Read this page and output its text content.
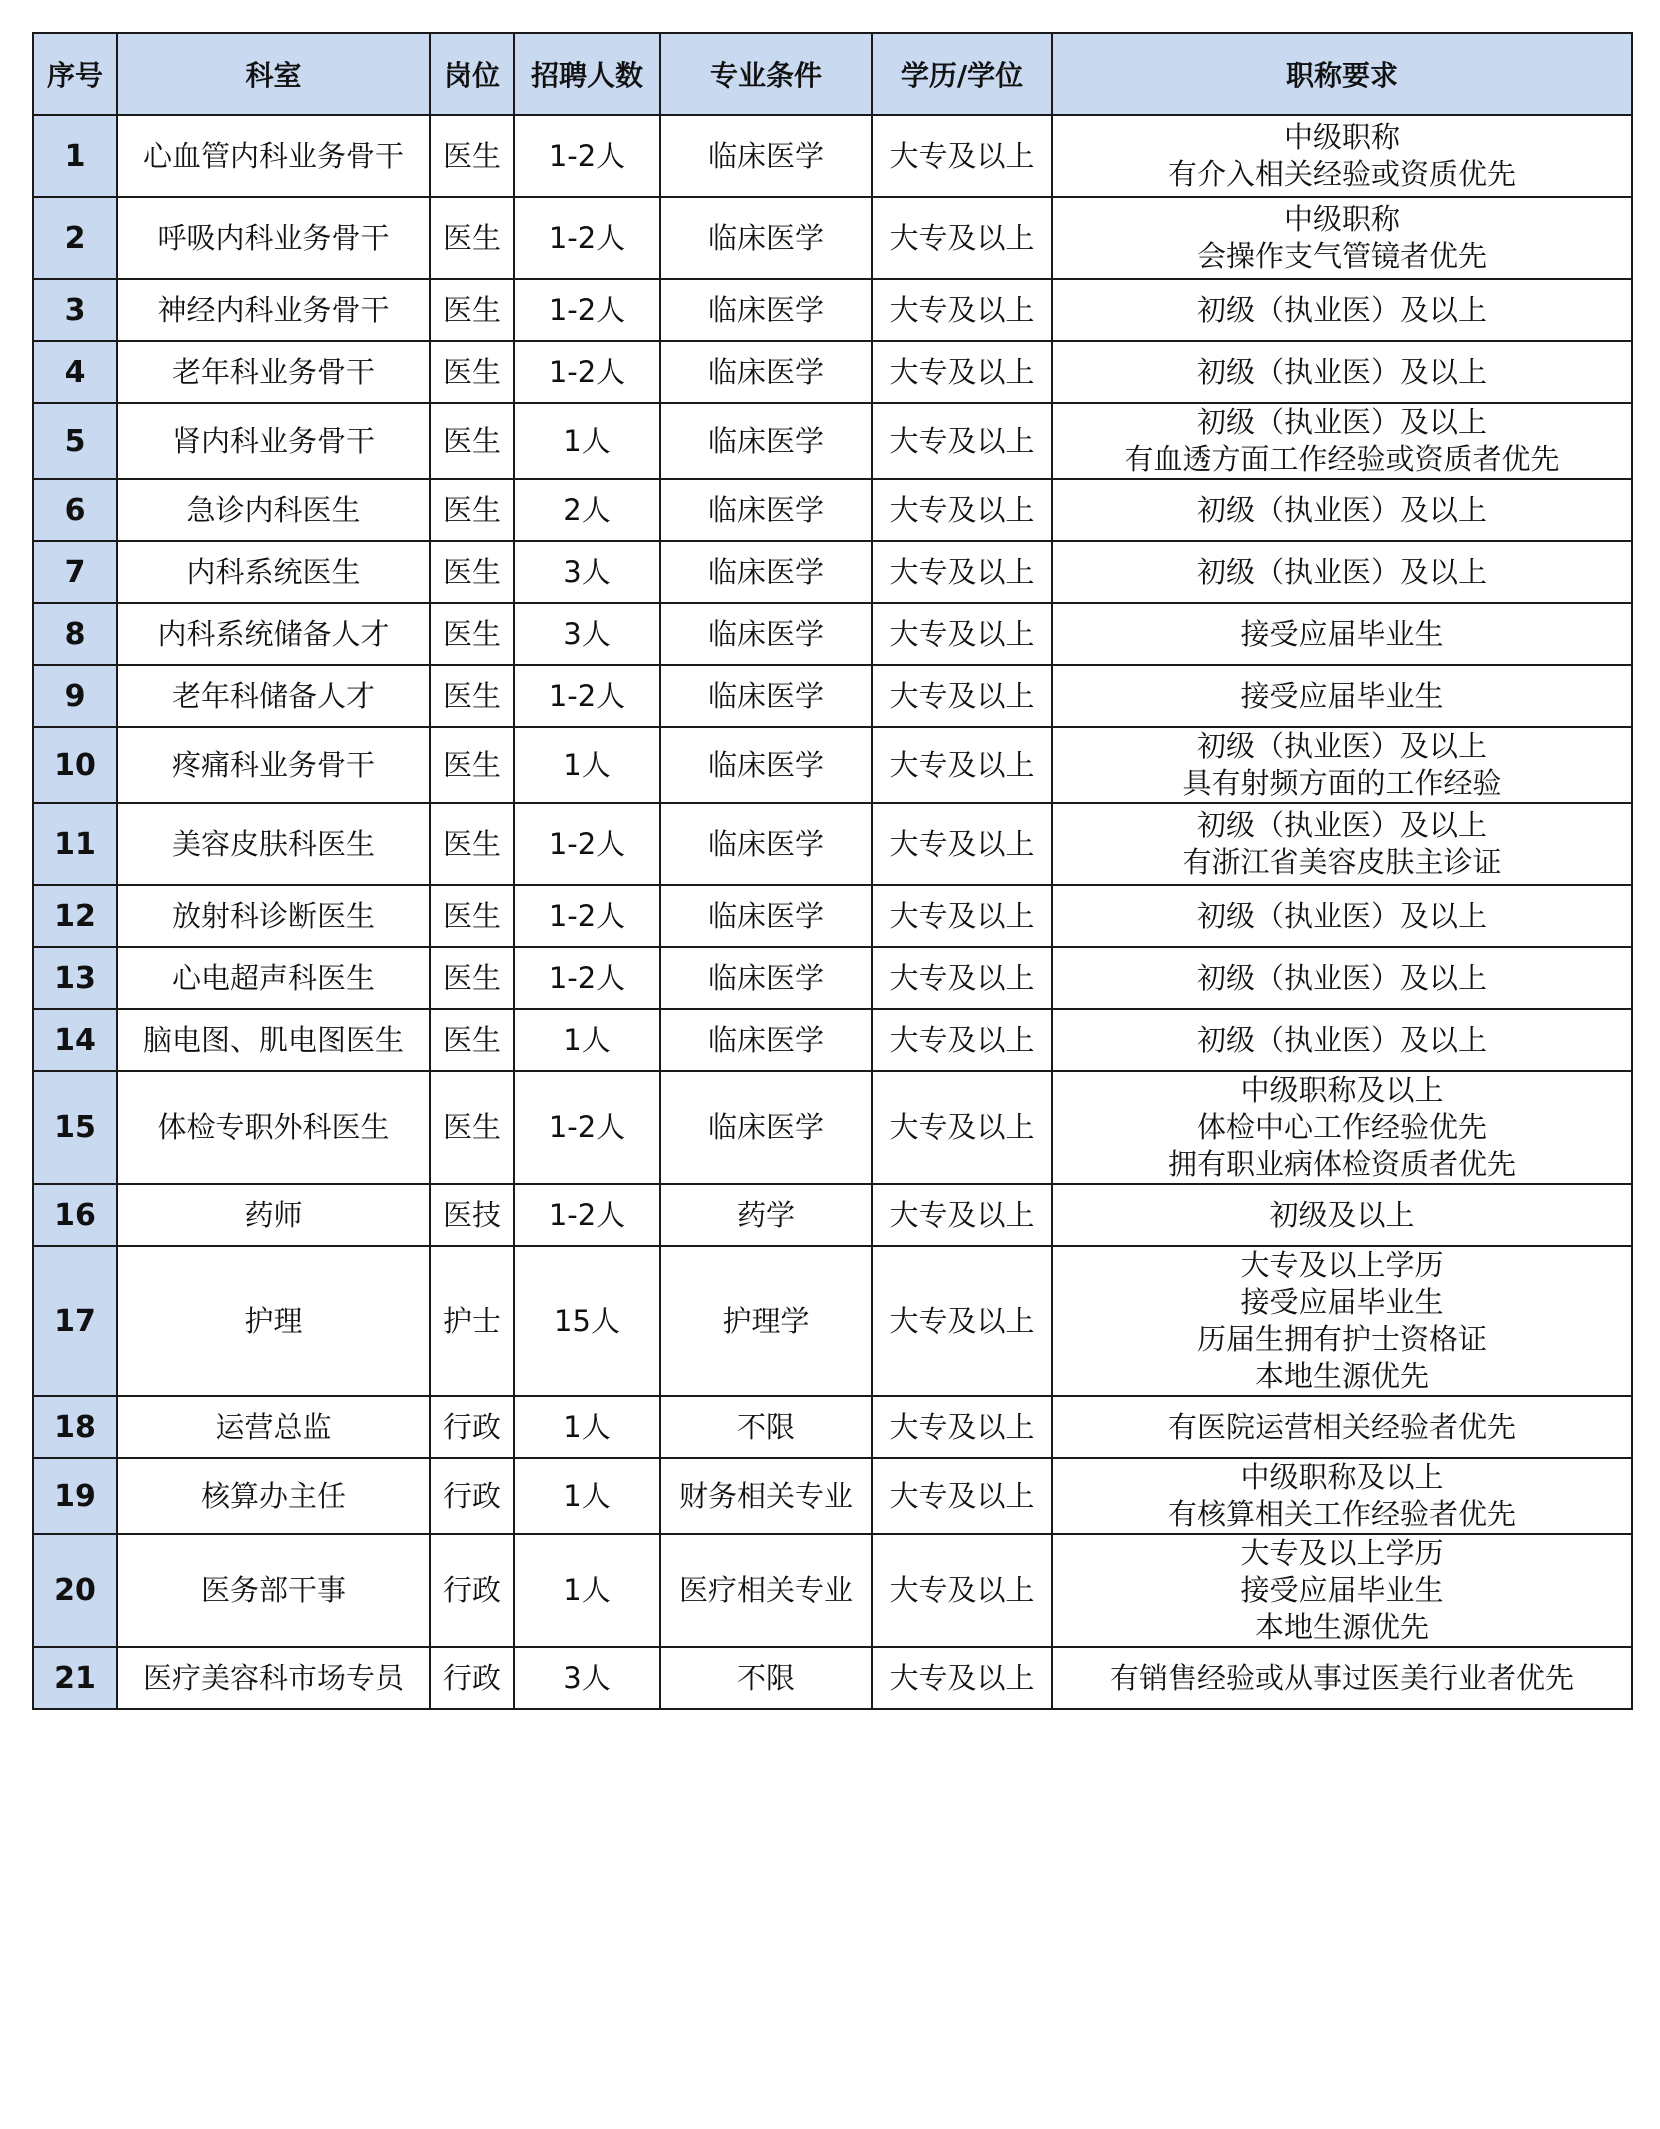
序号	科室	岗位	招聘人数	专业条件	学历/学位	职称要求
1	心血管内科业务骨干	医生	1-2人	临床医学	大专及以上	中级职称
有介入相关经验或资质优先
2	呼吸内科业务骨干	医生	1-2人	临床医学	大专及以上	中级职称
会操作支气管镜者优先
3	神经内科业务骨干	医生	1-2人	临床医学	大专及以上	初级（执业医）及以上
4	老年科业务骨干	医生	1-2人	临床医学	大专及以上	初级（执业医）及以上
5	肾内科业务骨干	医生	1人	临床医学	大专及以上	初级（执业医）及以上
有血透方面工作经验或资质者优先
6	急诊内科医生	医生	2人	临床医学	大专及以上	初级（执业医）及以上
7	内科系统医生	医生	3人	临床医学	大专及以上	初级（执业医）及以上
8	内科系统储备人才	医生	3人	临床医学	大专及以上	接受应届毕业生
9	老年科储备人才	医生	1-2人	临床医学	大专及以上	接受应届毕业生
10	疼痛科业务骨干	医生	1人	临床医学	大专及以上	初级（执业医）及以上
具有射频方面的工作经验
11	美容皮肤科医生	医生	1-2人	临床医学	大专及以上	初级（执业医）及以上
有浙江省美容皮肤主诊证
12	放射科诊断医生	医生	1-2人	临床医学	大专及以上	初级（执业医）及以上
13	心电超声科医生	医生	1-2人	临床医学	大专及以上	初级（执业医）及以上
14	脑电图、肌电图医生	医生	1人	临床医学	大专及以上	初级（执业医）及以上
15	体检专职外科医生	医生	1-2人	临床医学	大专及以上	中级职称及以上
体检中心工作经验优先
拥有职业病体检资质者优先
16	药师	医技	1-2人	药学	大专及以上	初级及以上
17	护理	护士	15人	护理学	大专及以上	大专及以上学历
接受应届毕业生
历届生拥有护士资格证
本地生源优先
18	运营总监	行政	1人	不限	大专及以上	有医院运营相关经验者优先
19	核算办主任	行政	1人	财务相关专业	大专及以上	中级职称及以上
有核算相关工作经验者优先
20	医务部干事	行政	1人	医疗相关专业	大专及以上	大专及以上学历
接受应届毕业生
本地生源优先
21	医疗美容科市场专员	行政	3人	不限	大专及以上	有销售经验或从事过医美行业者优先
